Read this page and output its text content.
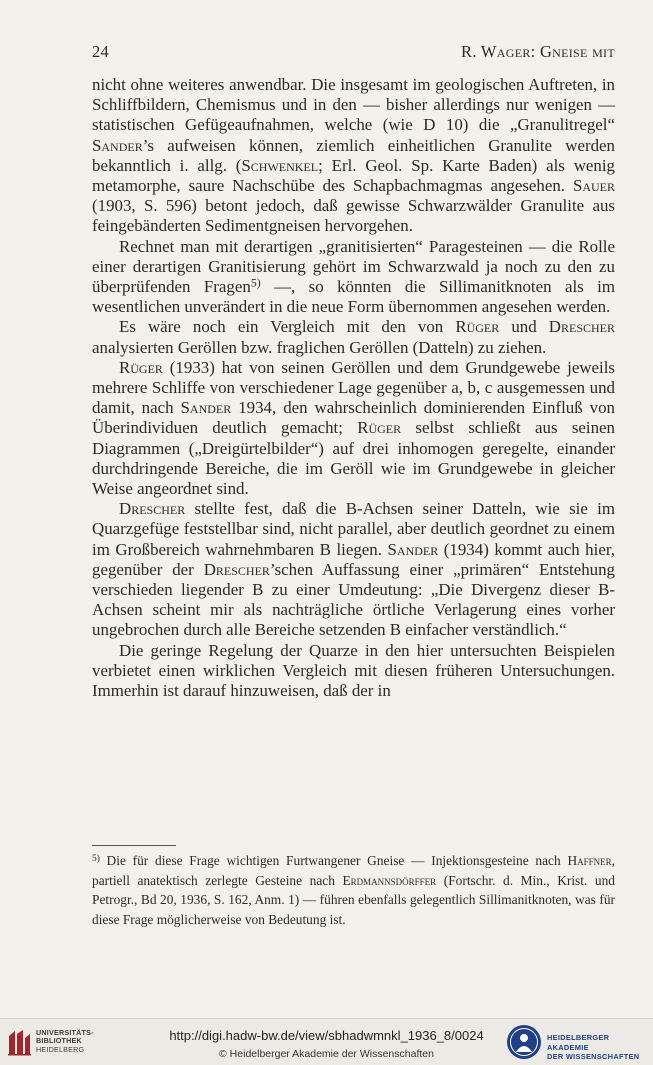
24	R. Wager: Gneise mit

nicht ohne weiteres anwendbar. Die insgesamt im geologischen Auftreten, in Schliffbildern, Chemismus und in den — bisher allerdings nur wenigen — statistischen Gefügeaufnahmen, welche (wie D 10) die „Granulitregel“ Sander’s aufweisen können, ziemlich einheitlichen Granulite werden bekanntlich i. allg. (Schwenkel; Erl. Geol. Sp. Karte Baden) als wenig metamorphe, saure Nachschübe des Schapbachmagmas angesehen. Sauer (1903, S. 596) betont jedoch, daß gewisse Schwarzwälder Granulite aus feingebänderten Sedimentgneisen hervorgehen.

Rechnet man mit derartigen „granitisierten“ Paragesteinen — die Rolle einer derartigen Granitisierung gehört im Schwarzwald ja noch zu den zu überprüfenden Fragen$^{5)}$ —, so könnten die Sillimanitknoten als im wesentlichen unverändert in die neue Form übernommen angesehen werden.

Es wäre noch ein Vergleich mit den von Rüger und Drescher analysierten Geröllen bzw. fraglichen Geröllen (Datteln) zu ziehen.

Rüger (1933) hat von seinen Geröllen und dem Grundgewebe jeweils mehrere Schliffe von verschiedener Lage gegenüber a, b, c ausgemessen und damit, nach Sander 1934, den wahrscheinlich dominierenden Einfluß von Überindividuen deutlich gemacht; Rüger selbst schließt aus seinen Diagrammen („Dreigürtelbilder“) auf drei inhomogen geregelte, einander durchdringende Bereiche, die im Geröll wie im Grundgewebe in gleicher Weise angeordnet sind.

Drescher stellte fest, daß die B-Achsen seiner Datteln, wie sie im Quarzgefüge feststellbar sind, nicht parallel, aber deutlich geordnet zu einem im Großbereich wahrnehmbaren B liegen. Sander (1934) kommt auch hier, gegenüber der Drescher’schen Auffassung einer „primären“ Entstehung verschieden liegender B zu einer Umdeutung: „Die Divergenz dieser B-Achsen scheint mir als nachträgliche örtliche Verlagerung eines vorher ungebrochen durch alle Bereiche setzenden B einfacher verständlich.“

Die geringe Regelung der Quarze in den hier untersuchten Beispielen verbietet einen wirklichen Vergleich mit diesen früheren Untersuchungen. Immerhin ist darauf hinzuweisen, daß der in

$^{5)}$ Die für diese Frage wichtigen Furtwangener Gneise — Injektionsgesteine nach Haffner, partiell anatektisch zerlegte Gesteine nach Erdmannsdörffer (Fortschr. d. Min., Krist. und Petrogr., Bd 20, 1936, S. 162, Anm. 1) — führen ebenfalls gelegentlich Sillimanitknoten, was für diese Frage möglicherweise von Bedeutung ist.
UNIVERSITÄTS-
BIBLIOTHEK
HEIDELBERG
http://digi.hadw-bw.de/view/sbhadwmnkl_1936_8/0024
© Heidelberger Akademie der Wissenschaften
HEIDELBERGER AKADEMIE
DER WISSENSCHAFTEN
